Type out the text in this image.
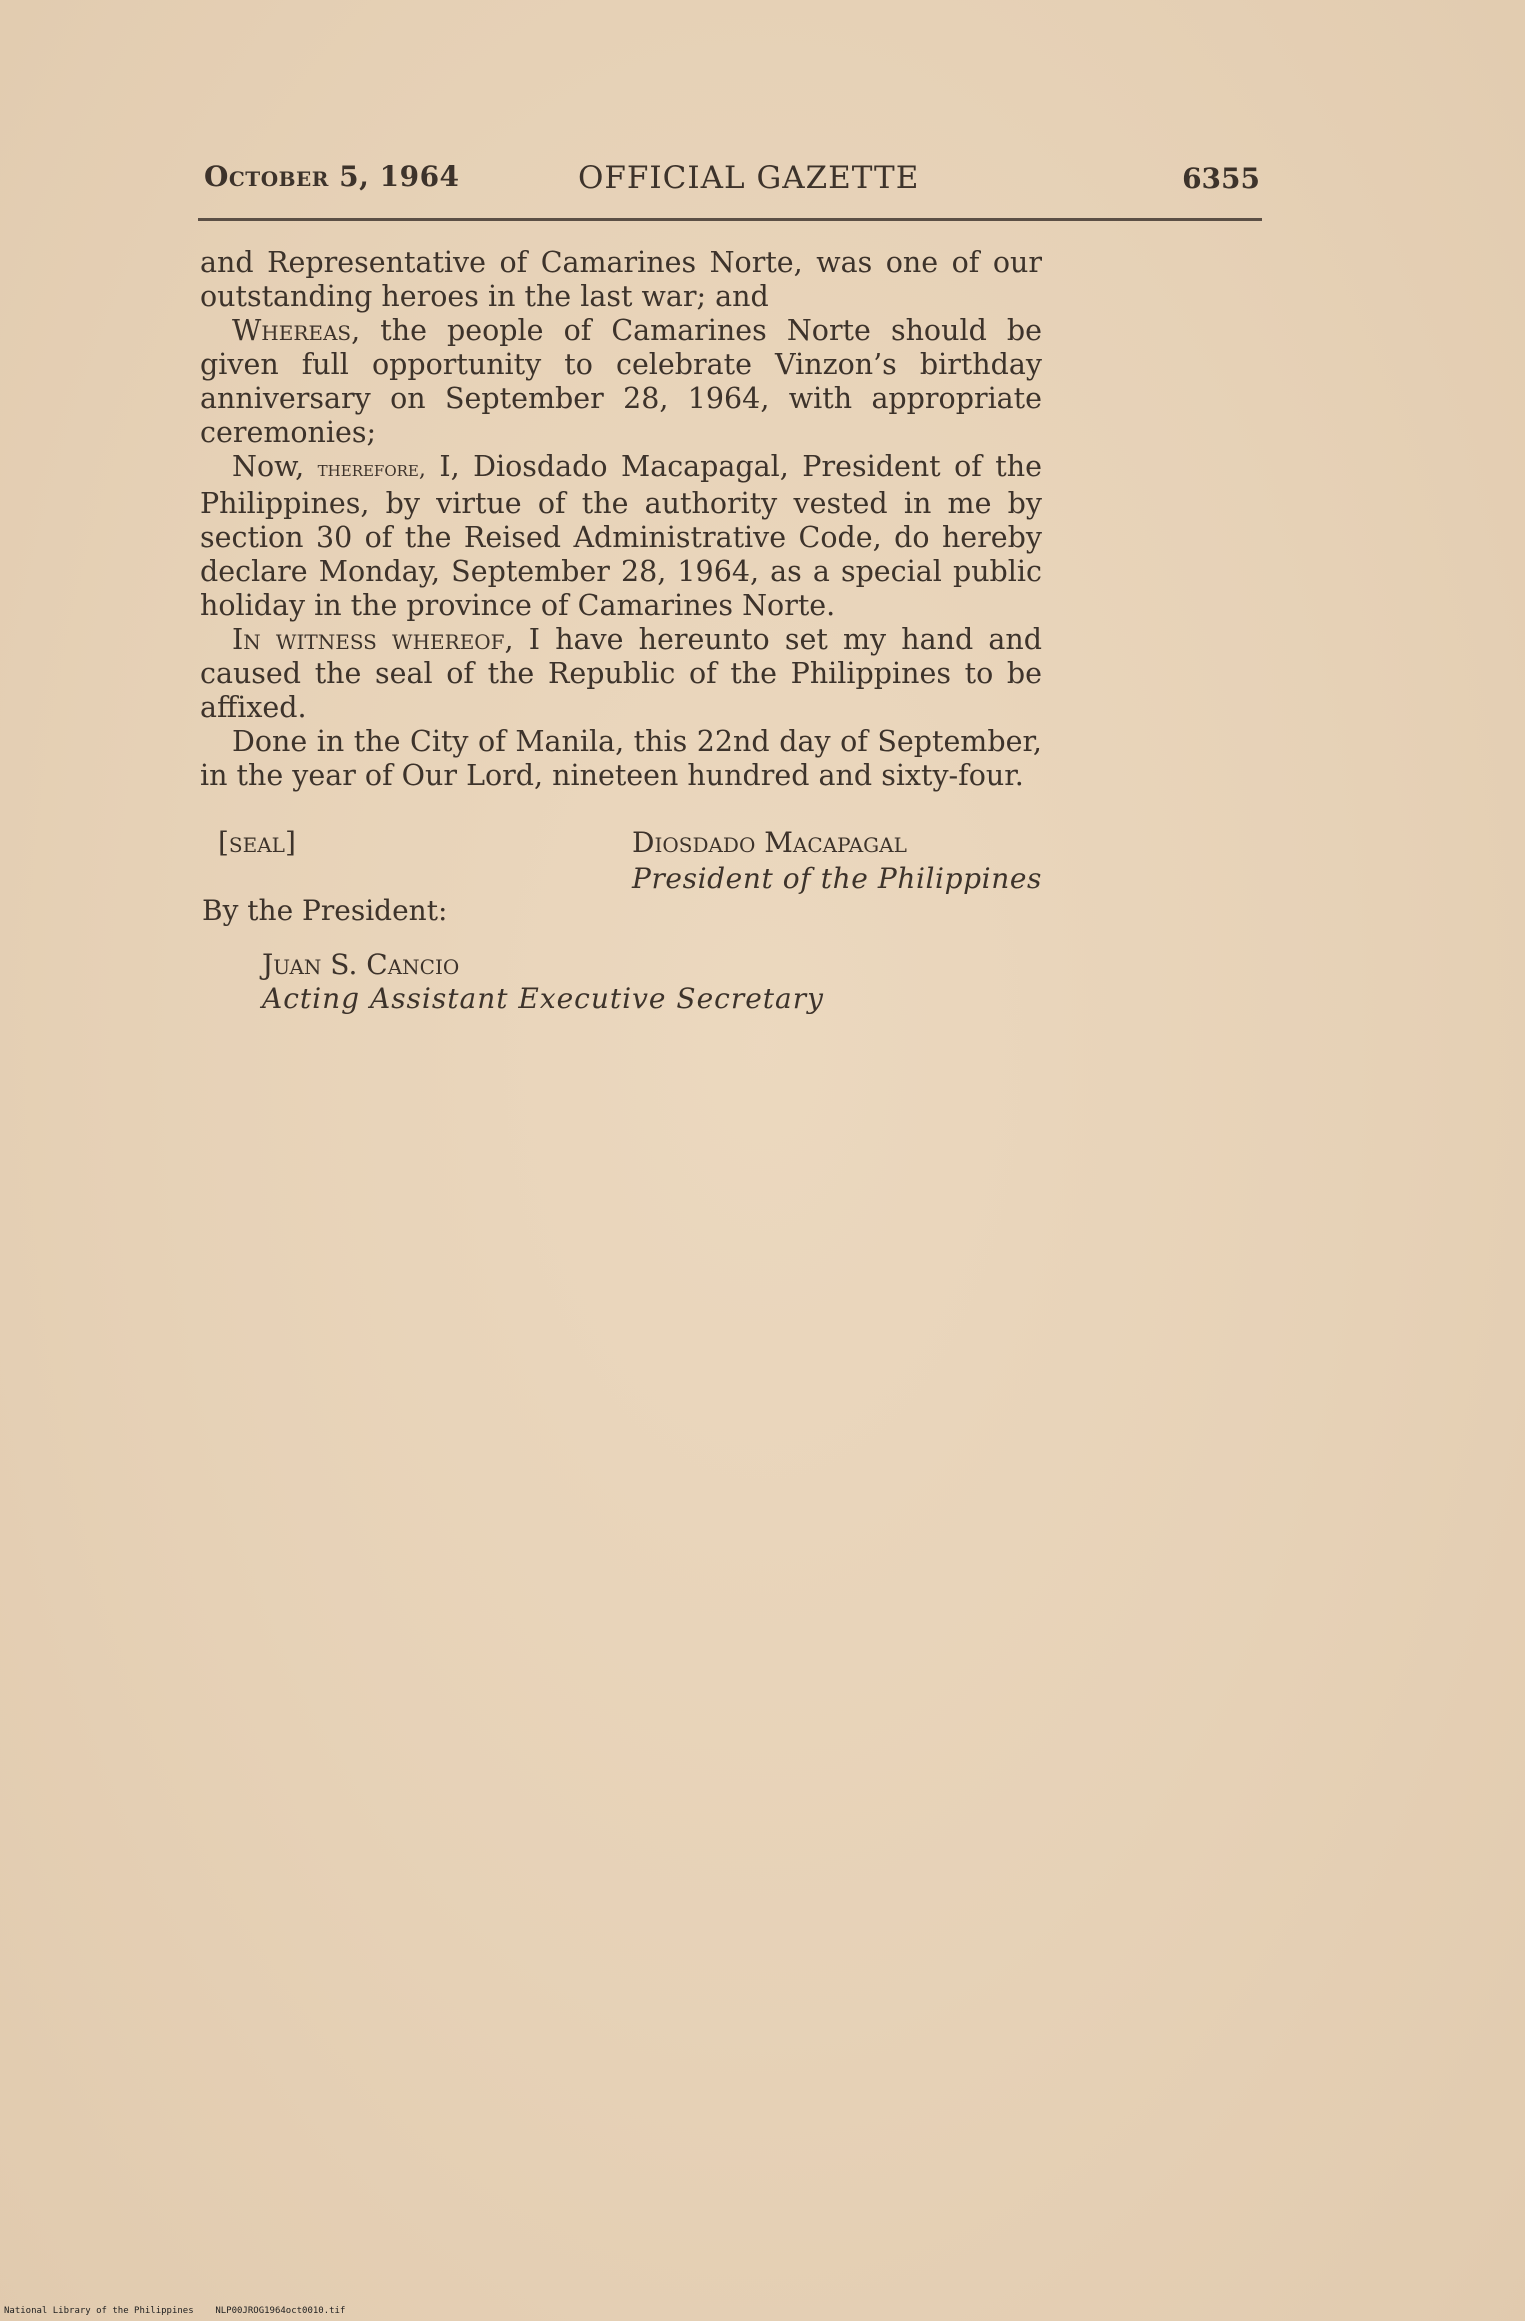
October 5, 1964	OFFICIAL GAZETTE	6355

and Representative of Camarines Norte, was one of our outstanding heroes in the last war; and

Whereas, the people of Camarines Norte should be given full opportunity to celebrate Vinzon’s birthday anniversary on September 28, 1964, with appropriate ceremonies;

Now, therefore, I, Diosdado Macapagal, President of the Philippines, by virtue of the authority vested in me by section 30 of the Reised Administrative Code, do hereby declare Monday, September 28, 1964, as a special public holiday in the province of Camarines Norte.

In witness whereof, I have hereunto set my hand and caused the seal of the Republic of the Philippines to be affixed.

Done in the City of Manila, this 22nd day of September, in the year of Our Lord, nineteen hundred and sixty-four.

[seal]	Diosdado Macapagal
President of the Philippines
By the President:
Juan S. Cancio
Acting Assistant Executive Secretary
National Library of the Philippines NLP00JROG1964oct0010.tif
